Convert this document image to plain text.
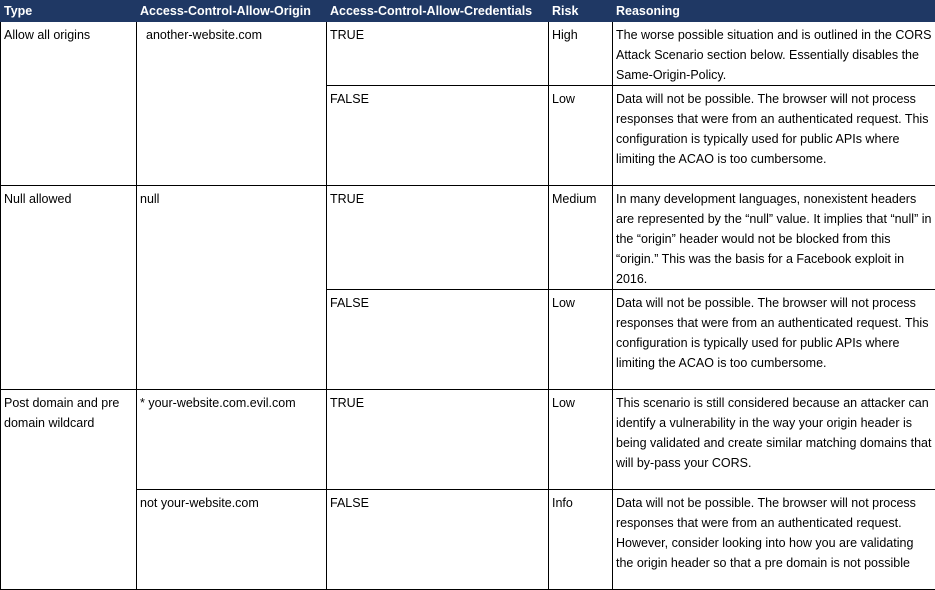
Type	Access-Control-Allow-Origin	Access-Control-Allow-Credentials	Risk	Reasoning
Allow all origins	another-website.com	TRUE	High	The worse possible situation and is outlined in the CORS Attack Scenario section below. Essentially disables the Same-Origin-Policy.
		FALSE	Low	Data will not be possible. The browser will not process responses that were from an authenticated request. This configuration is typically used for public APIs where limiting the ACAO is too cumbersome.
Null allowed	null	TRUE	Medium	In many development languages, nonexistent headers are represented by the “null” value. It implies that “null” in the “origin” header would not be blocked from this “origin.” This was the basis for a Facebook exploit in 2016.
		FALSE	Low	Data will not be possible. The browser will not process responses that were from an authenticated request. This configuration is typically used for public APIs where limiting the ACAO is too cumbersome.
Post domain and pre domain wildcard	* your-website.com.evil.com	TRUE	Low	This scenario is still considered because an attacker can identify a vulnerability in the way your origin header is being validated and create similar matching domains that will by-pass your CORS.
	not your-website.com	FALSE	Info	Data will not be possible. The browser will not process responses that were from an authenticated request. However, consider looking into how you are validating the origin header so that a pre domain is not possible
